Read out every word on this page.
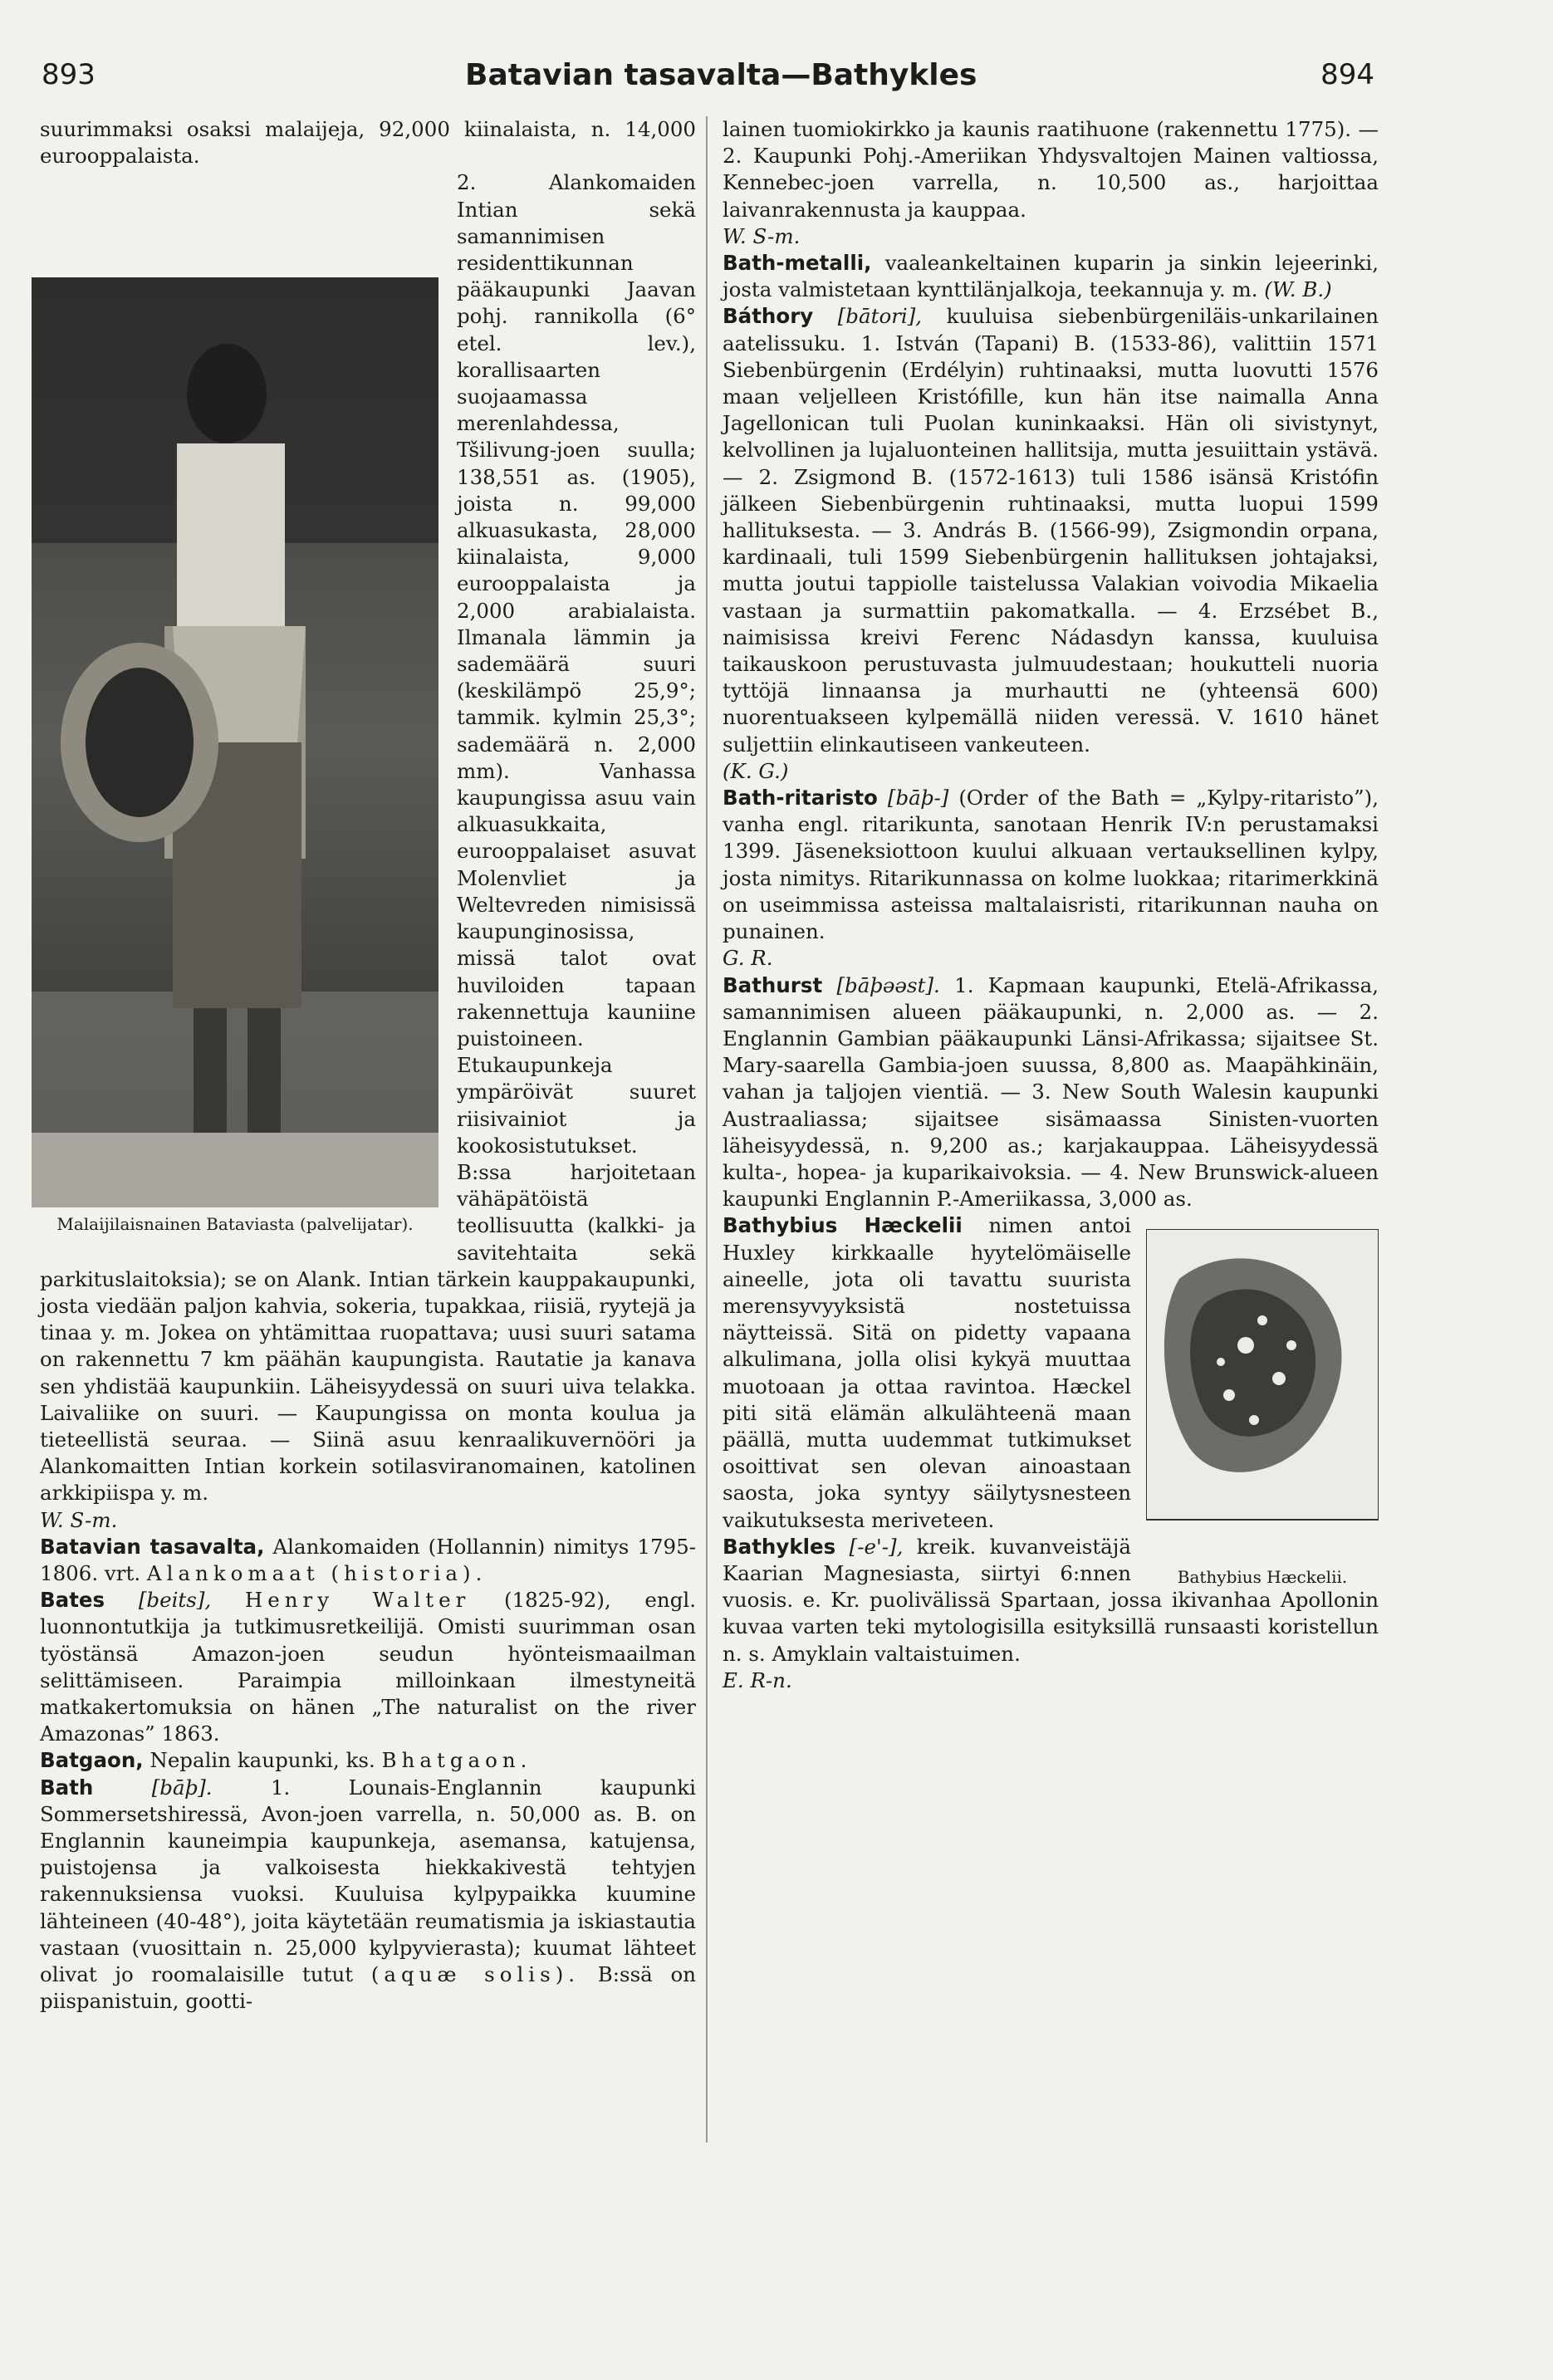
893	Batavian tasavalta—Bathykles	894

suurimmaksi osaksi malaijeja, 92,000 kiinalaista, n. 14,000 eurooppalaista.

Malaijilaisnainen Bataviasta (palvelijatar).

2. Alankomaiden Intian sekä samannimisen residenttikunnan pääkaupunki Jaavan pohj. rannikolla (6° etel. lev.), korallisaarten suojaamassa merenlahdessa, Tšilivung-joen suulla; 138,551 as. (1905), joista n. 99,000 alkuasukasta, 28,000 kiinalaista, 9,000 eurooppalaista ja 2,000 arabialaista. Ilmanala lämmin ja sademäärä suuri (keskilämpö 25,9°; tammik. kylmin 25,3°; sademäärä n. 2,000 mm). Vanhassa kaupungissa asuu vain alkuasukkaita, eurooppalaiset asuvat Molenvliet ja Weltevreden nimisissä kaupunginosissa, missä talot ovat huviloiden tapaan rakennettuja kauniine puistoineen. Etukaupunkeja ympäröivät suuret riisivainiot ja kookosistutukset. B:ssa harjoitetaan vähäpätöistä teollisuutta (kalkki- ja savitehtaita sekä parkituslaitoksia); se on Alank. Intian tärkein kauppakaupunki, josta viedään paljon kahvia, sokeria, tupakkaa, riisiä, ryytejä ja tinaa y. m. Jokea on yhtämittaa ruopattava; uusi suuri satama on rakennettu 7 km päähän kaupungista. Rautatie ja kanava sen yhdistää kaupunkiin. Läheisyydessä on suuri uiva telakka. Laivaliike on suuri. — Kaupungissa on monta koulua ja tieteellistä seuraa. — Siinä asuu kenraalikuvernööri ja Alankomaitten Intian korkein sotilasviranomainen, katolinen arkkipiispa y. m.

W. S-m.

Batavian tasavalta, Alankomaiden (Hollannin) nimitys 1795-1806. vrt. Alankomaat (historia).

Bates [beits], Henry Walter (1825-92), engl. luonnontutkija ja tutkimusretkeilijä. Omisti suurimman osan työstänsä Amazon-joen seudun hyönteismaailman selittämiseen. Paraimpia milloinkaan ilmestyneitä matkakertomuksia on hänen „The naturalist on the river Amazonas” 1863.

Batgaon, Nepalin kaupunki, ks. Bhatgaon.

Bath	[bāþ].	1. Lounais-Englannin kaupunki Sommersetshiressä, Avon-joen varrella, n. 50,000 as. B. on Englannin kauneimpia kaupunkeja, asemansa, katujensa, puistojensa ja valkoisesta hiekkakivestä tehtyjen rakennuksiensa vuoksi. Kuuluisa kylpypaikka kuumine lähteineen (40-48°), joita käytetään reumatismia ja iskiastautia vastaan (vuosittain n. 25,000 kylpyvierasta); kuumat lähteet olivat jo roomalaisille tutut (aquæ solis). B:ssä on piispanistuin, gootti-

lainen tuomiokirkko ja kaunis raatihuone (rakennettu 1775). — 2. Kaupunki Pohj.-Ameriikan Yhdysvaltojen Mainen valtiossa, Kennebec-joen varrella, n. 10,500 as., harjoittaa laivanrakennusta ja kauppaa.

W. S-m.

Bath-metalli, vaaleankeltainen kuparin ja sinkin lejeerinki, josta valmistetaan kynttilänjalkoja, teekannuja y. m. (W. B.)

Báthory [bātori], kuuluisa siebenbürgeniläis-unkarilainen aatelissuku. 1. István (Tapani) B. (1533-86), valittiin 1571 Siebenbürgenin (Erdélyin) ruhtinaaksi, mutta luovutti 1576 maan veljelleen Kristófille, kun hän itse naimalla Anna Jagellonican tuli Puolan kuninkaaksi. Hän oli sivistynyt, kelvollinen ja lujaluonteinen hallitsija, mutta jesuiittain ystävä. — 2. Zsigmond B. (1572-1613) tuli 1586 isänsä Kristófin jälkeen Siebenbürgenin ruhtinaaksi, mutta luopui 1599 hallituksesta. — 3. András B. (1566-99), Zsigmondin orpana, kardinaali, tuli 1599 Siebenbürgenin hallituksen johtajaksi, mutta joutui tappiolle taistelussa Valakian voivodia Mikaelia vastaan ja surmattiin pakomatkalla. — 4. Erzsébet B., naimisissa kreivi Ferenc Nádasdyn kanssa, kuuluisa taikauskoon perustuvasta julmuudestaan; houkutteli nuoria tyttöjä linnaansa ja murhautti ne (yhteensä 600) nuorentuakseen kylpemällä niiden veressä. V. 1610 hänet suljettiin elinkautiseen vankeuteen.

(K. G.)

Bath-ritaristo [bāþ-] (Order of the Bath = „Kylpy-ritaristo”), vanha engl. ritarikunta, sanotaan Henrik IV:n perustamaksi 1399. Jäseneksiottoon kuului alkuaan vertauksellinen kylpy, josta nimitys. Ritarikunnassa on kolme luokkaa; ritarimerkkinä on useimmissa asteissa maltalaisristi, ritarikunnan nauha on punainen.

G. R.

Bathurst [bāþəəst]. 1. Kapmaan kaupunki, Etelä-Afrikassa, samannimisen alueen pääkaupunki, n. 2,000 as. — 2. Englannin Gambian pääkaupunki Länsi-Afrikassa; sijaitsee St. Mary-saarella Gambia-joen suussa, 8,800 as. Maapähkinäin, vahan ja taljojen vientiä. — 3. New South Walesin kaupunki Austraaliassa; sijaitsee sisämaassa Sinisten-vuorten läheisyydessä, n. 9,200 as.; karjakauppaa. Läheisyydessä kulta-, hopea- ja kuparikaivoksia. — 4. New Brunswick-alueen kaupunki Englannin P.-Ameriikassa, 3,000 as.

Bathybius Hæckelii.

Bathybius Hæckelii nimen antoi Huxley kirkkaalle hyytelömäiselle aineelle, jota oli tavattu suurista merensyvyyksistä nostetuissa näytteissä. Sitä on pidetty vapaana alkulimana, jolla olisi kykyä muuttaa muotoaan ja ottaa ravintoa. Hæckel piti sitä elämän alkulähteenä maan päällä, mutta uudemmat tutkimukset osoittivat sen olevan ainoastaan saosta, joka syntyy säilytysnesteen vaikutuksesta meriveteen.

Bathykles [-e'-], kreik. kuvanveistäjä Kaarian Magnesiasta, siirtyi 6:nnen vuosis. e. Kr. puolivälissä Spartaan, jossa ikivanhaa Apollonin kuvaa varten teki mytologisilla esityksillä runsaasti koristellun n. s. Amyklain valtaistuimen.

E. R-n.
